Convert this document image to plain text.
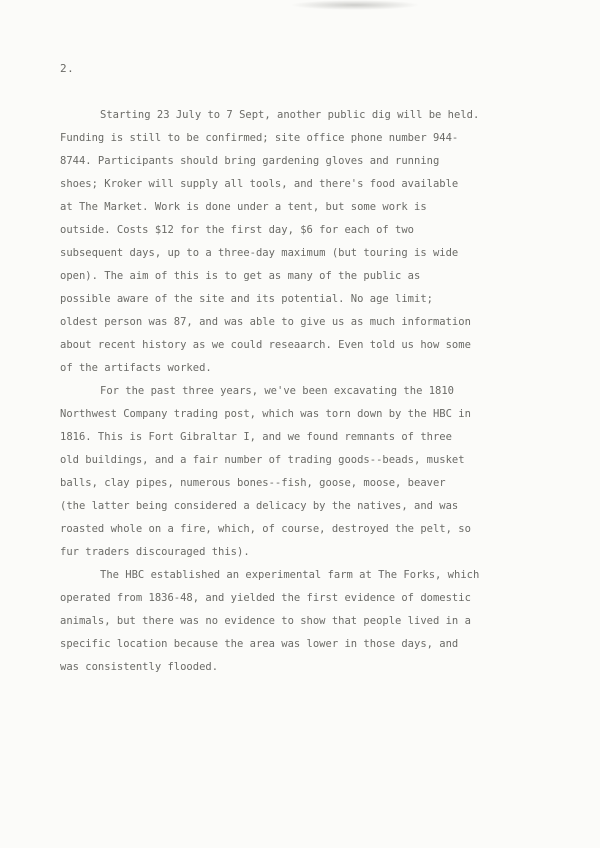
2.
Starting 23 July to 7 Sept, another public dig will be held.
Funding is still to be confirmed; site office phone number 944-
8744. Participants should bring gardening gloves and running
shoes; Kroker will supply all tools, and there's food available
at The Market. Work is done under a tent, but some work is
outside. Costs $12 for the first day, $6 for each of two
subsequent days, up to a three-day maximum (but touring is wide
open). The aim of this is to get as many of the public as
possible aware of the site and its potential. No age limit;
oldest person was 87, and was able to give us as much information
about recent history as we could reseaarch. Even told us how some
of the artifacts worked.
For the past three years, we've been excavating the 1810
Northwest Company trading post, which was torn down by the HBC in
1816. This is Fort Gibraltar I, and we found remnants of three
old buildings, and a fair number of trading goods--beads, musket
balls, clay pipes, numerous bones--fish, goose, moose, beaver
(the latter being considered a delicacy by the natives, and was
roasted whole on a fire, which, of course, destroyed the pelt, so
fur traders discouraged this).
The HBC established an experimental farm at The Forks, which
operated from 1836-48, and yielded the first evidence of domestic
animals, but there was no evidence to show that people lived in a
specific location because the area was lower in those days, and
was consistently flooded.
